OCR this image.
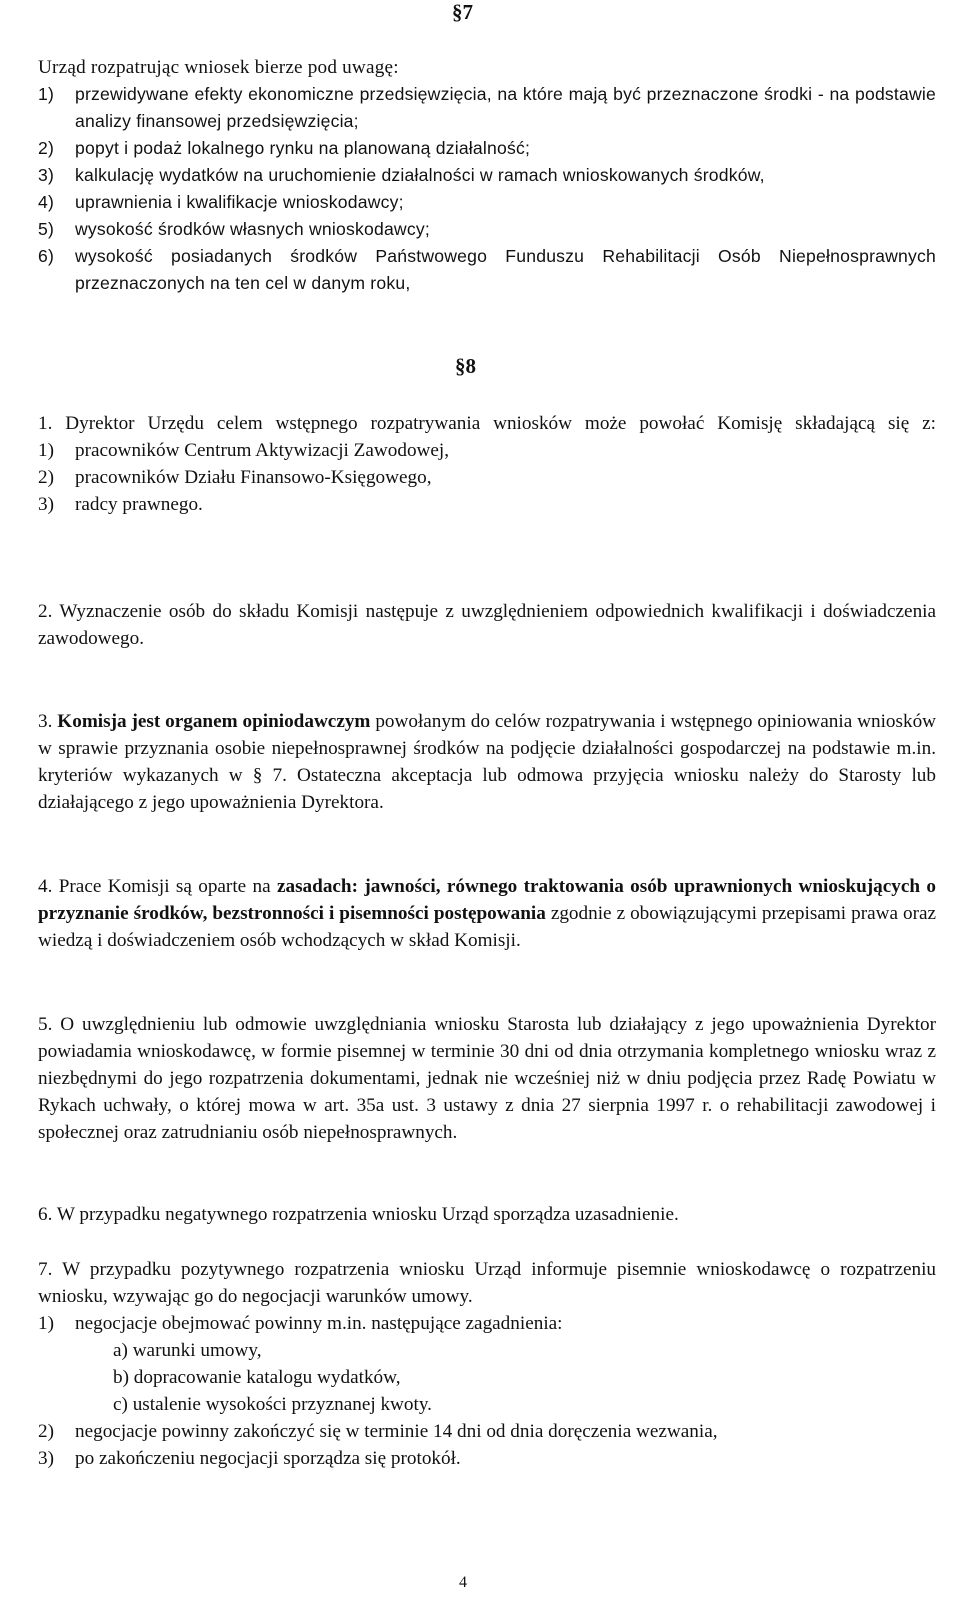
§7
Urząd rozpatrując wniosek bierze pod uwagę:
1)	przewidywane efekty ekonomiczne przedsięwzięcia, na które mają być przeznaczone środki - na podstawie analizy finansowej przedsięwzięcia;
2)	popyt i podaż lokalnego rynku na planowaną działalność;
3)	kalkulację wydatków na uruchomienie działalności w ramach wnioskowanych środków,
4)	uprawnienia i kwalifikacje wnioskodawcy;
5)	wysokość środków własnych wnioskodawcy;
6)	wysokość posiadanych środków Państwowego Funduszu Rehabilitacji Osób Niepełnosprawnych przeznaczonych na ten cel w danym roku,
§8
1. Dyrektor Urzędu celem wstępnego rozpatrywania wniosków może powołać Komisję składającą się z:
1)	pracowników Centrum Aktywizacji Zawodowej,
2)	pracowników Działu Finansowo-Księgowego,
3)	radcy prawnego.
2. Wyznaczenie osób do składu Komisji następuje z uwzględnieniem odpowiednich kwalifikacji i doświadczenia zawodowego.
3. Komisja jest organem opiniodawczym powołanym do celów rozpatrywania i wstępnego opiniowania wniosków w sprawie przyznania osobie niepełnosprawnej środków na podjęcie działalności gospodarczej na podstawie m.in. kryteriów wykazanych w § 7. Ostateczna akceptacja lub odmowa przyjęcia wniosku należy do Starosty lub działającego z jego upoważnienia Dyrektora.
4. Prace Komisji są oparte na zasadach: jawności, równego traktowania osób uprawnionych wnioskujących o przyznanie środków, bezstronności i pisemności postępowania zgodnie z obowiązującymi przepisami prawa oraz wiedzą i doświadczeniem osób wchodzących w skład Komisji.
5. O uwzględnieniu lub odmowie uwzględniania wniosku Starosta lub działający z jego upoważnienia Dyrektor powiadamia wnioskodawcę, w formie pisemnej w terminie 30 dni od dnia otrzymania kompletnego wniosku wraz z niezbędnymi do jego rozpatrzenia dokumentami, jednak nie wcześniej niż w dniu podjęcia przez Radę Powiatu w Rykach uchwały, o której mowa w art. 35a ust. 3 ustawy z dnia 27 sierpnia 1997 r. o rehabilitacji zawodowej i społecznej oraz zatrudnianiu osób niepełnosprawnych.
6. W przypadku negatywnego rozpatrzenia wniosku Urząd sporządza uzasadnienie.
7. W przypadku pozytywnego rozpatrzenia wniosku Urząd informuje pisemnie wnioskodawcę o rozpatrzeniu wniosku, wzywając go do negocjacji warunków umowy.
1)	negocjacje obejmować powinny m.in. następujące zagadnienia:
a) warunki umowy,
b) dopracowanie katalogu wydatków,
c) ustalenie wysokości przyznanej kwoty.
2)	negocjacje powinny zakończyć się w terminie 14 dni od dnia doręczenia wezwania,
3)	po zakończeniu negocjacji sporządza się protokół.
4
